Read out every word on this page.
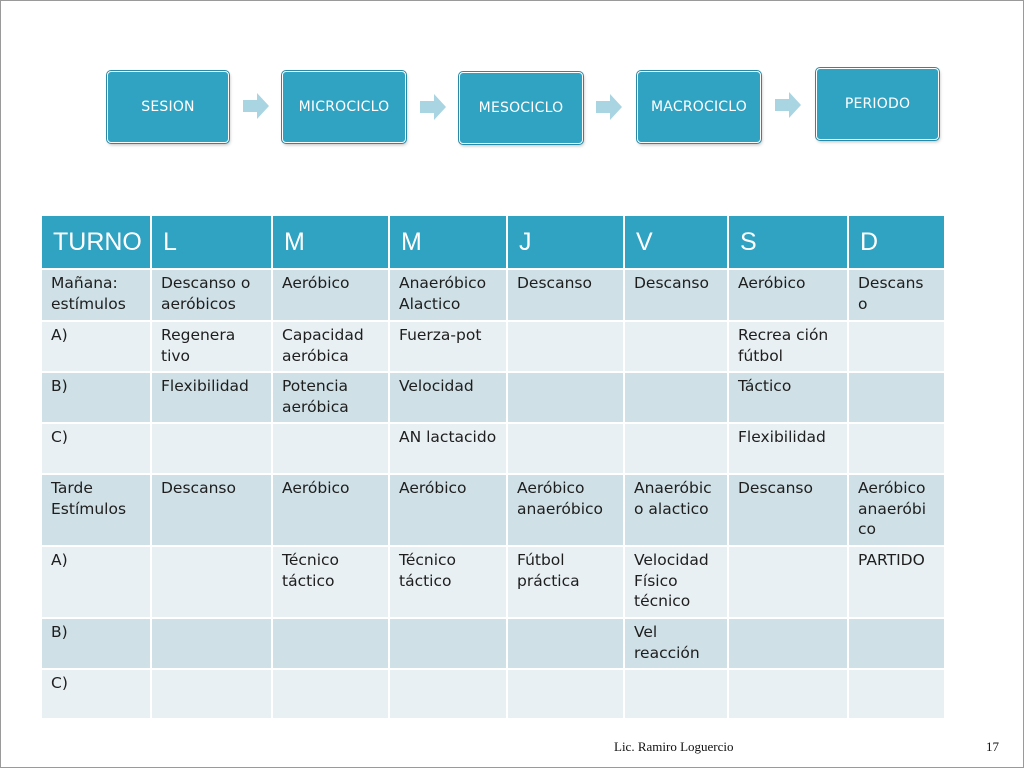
SESION	MICROCICLO	MESOCICLO	MACROCICLO	PERIODO
TURNO	L	M	M	J	V	S	D
Mañana: estímulos	Descanso o aeróbicos	Aeróbico	Anaeróbico Alactico	Descanso	Descanso	Aeróbico	Descans o
A)	Regenera tivo	Capacidad aeróbica	Fuerza-pot			Recrea ción fútbol	
B)	Flexibilidad	Potencia aeróbica	Velocidad			Táctico	
C)			AN lactacido			Flexibilidad	
Tarde Estímulos	Descanso	Aeróbico	Aeróbico	Aeróbico anaeróbico	Anaeróbic o alactico	Descanso	Aeróbico anaeróbi co
A)		Técnico táctico	Técnico táctico	Fútbol práctica	Velocidad Físico técnico		PARTIDO
B)					Vel reacción		
C)							
Lic. Ramiro Loguercio	17
